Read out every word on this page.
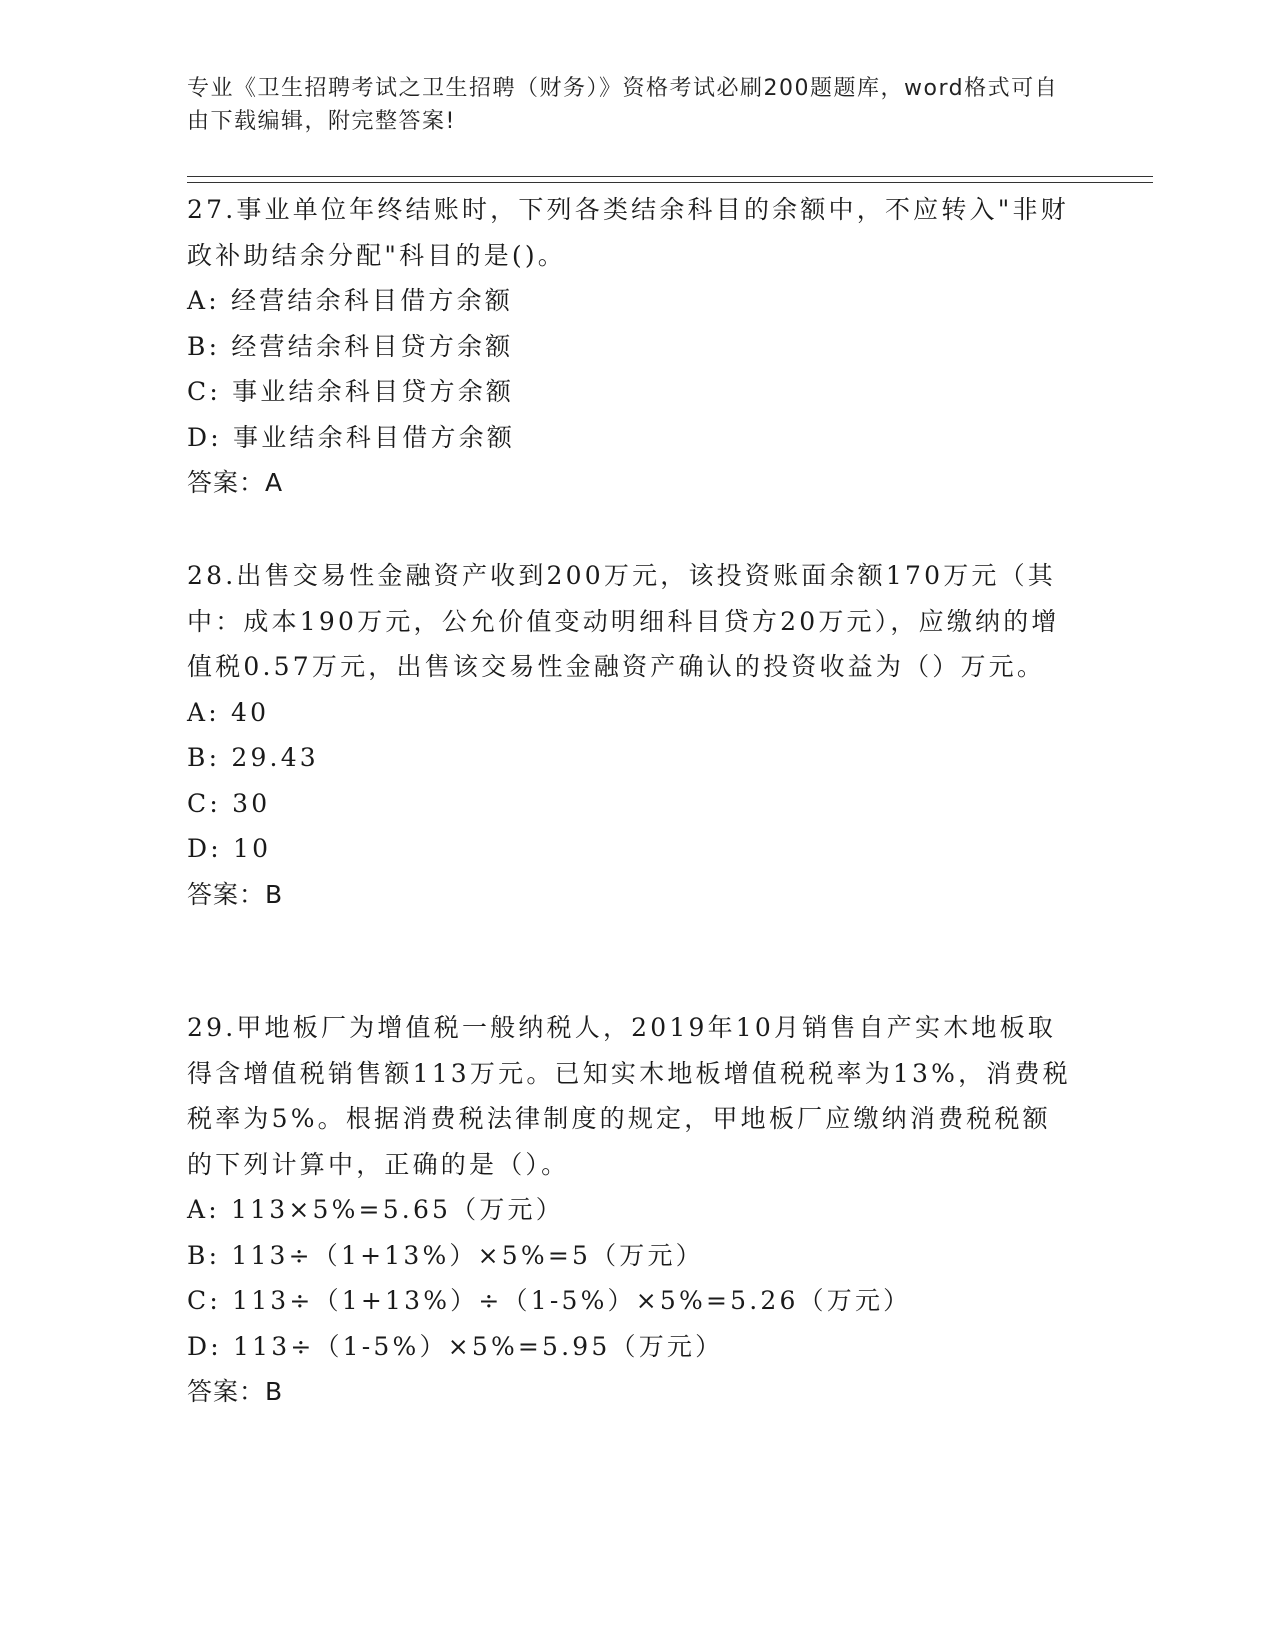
专业《卫生招聘考试之卫生招聘（财务）》资格考试必刷200题题库，word格式可自由下载编辑，附完整答案!
27.事业单位年终结账时，下列各类结余科目的余额中，不应转入"非财政补助结余分配"科目的是()。
A: 经营结余科目借方余额
B: 经营结余科目贷方余额
C: 事业结余科目贷方余额
D: 事业结余科目借方余额
答案：A
28.出售交易性金融资产收到200万元，该投资账面余额170万元（其中：成本190万元，公允价值变动明细科目贷方20万元），应缴纳的增值税0.57万元，出售该交易性金融资产确认的投资收益为（）万元。
A: 40
B: 29.43
C: 30
D: 10
答案：B
29.甲地板厂为增值税一般纳税人，2019年10月销售自产实木地板取得含增值税销售额113万元。已知实木地板增值税税率为13%，消费税税率为5%。根据消费税法律制度的规定，甲地板厂应缴纳消费税税额的下列计算中，正确的是（）。
A: 113×5%=5.65（万元）
B: 113÷（1+13%）×5%=5（万元）
C: 113÷（1+13%）÷（1-5%）×5%=5.26（万元）
D: 113÷（1-5%）×5%=5.95（万元）
答案：B
